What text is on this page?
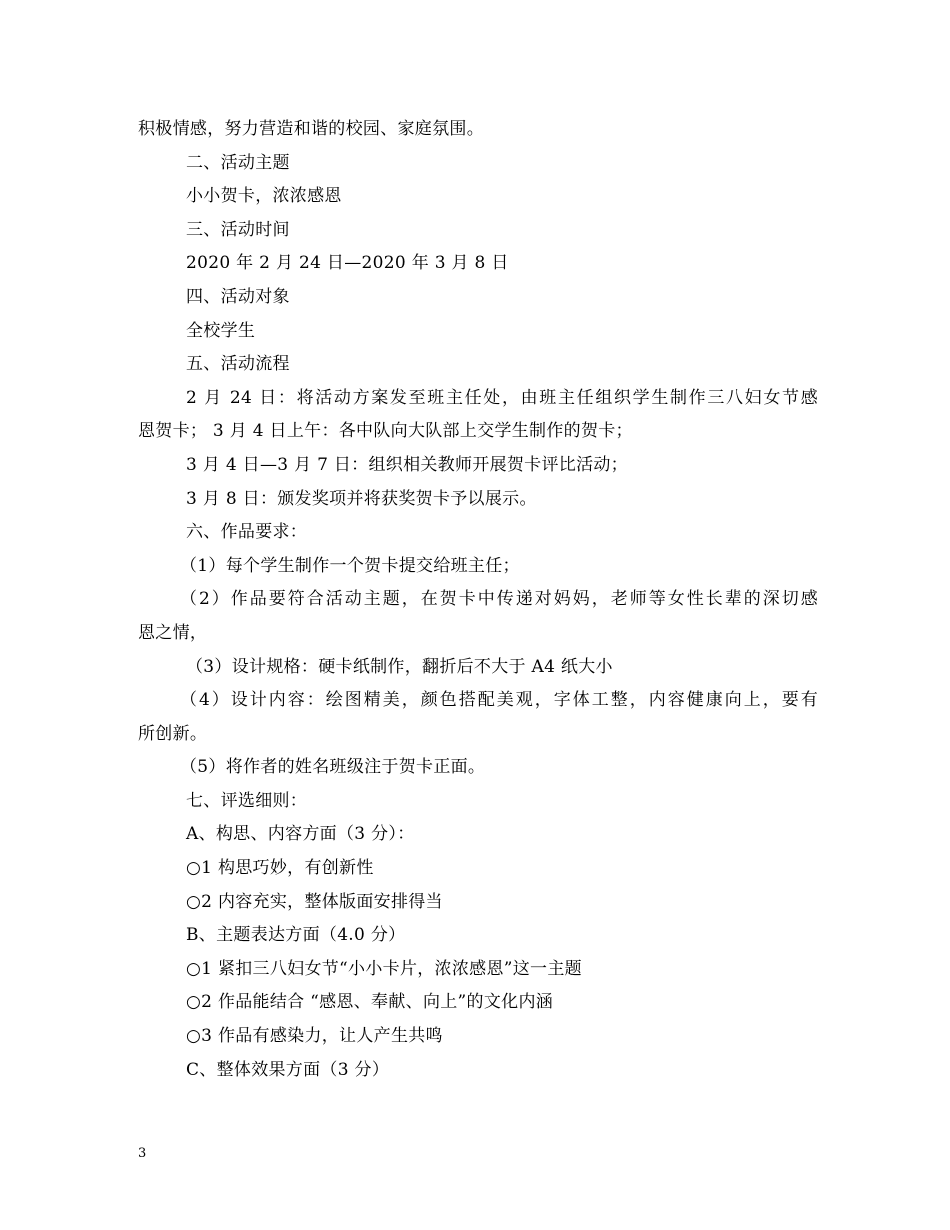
积极情感，努力营造和谐的校园、家庭氛围。
二、活动主题
小小贺卡，浓浓感恩
三、活动时间
2020 年 2 月 24 日—2020 年 3 月 8 日
四、活动对象
全校学生
五、活动流程
2 月 24 日：将活动方案发至班主任处，由班主任组织学生制作三八妇女节感
恩贺卡； 3 月 4 日上午：各中队向大队部上交学生制作的贺卡；
3 月 4 日—3 月 7 日：组织相关教师开展贺卡评比活动；
3 月 8 日：颁发奖项并将获奖贺卡予以展示。
六、作品要求：
（1）每个学生制作一个贺卡提交给班主任；
（2）作品要符合活动主题，在贺卡中传递对妈妈，老师等女性长辈的深切感
恩之情，
（3）设计规格：硬卡纸制作，翻折后不大于 A4 纸大小
（4）设计内容：绘图精美，颜色搭配美观，字体工整，内容健康向上，要有
所创新。
（5）将作者的姓名班级注于贺卡正面。
七、评选细则：
A、构思、内容方面（3 分）：
○1 构思巧妙，有创新性
○2 内容充实，整体版面安排得当
B、主题表达方面（4.0 分）
○1 紧扣三八妇女节“小小卡片，浓浓感恩”这一主题
○2 作品能结合 “感恩、奉献、向上”的文化内涵
○3 作品有感染力，让人产生共鸣
C、整体效果方面（3 分）
3
